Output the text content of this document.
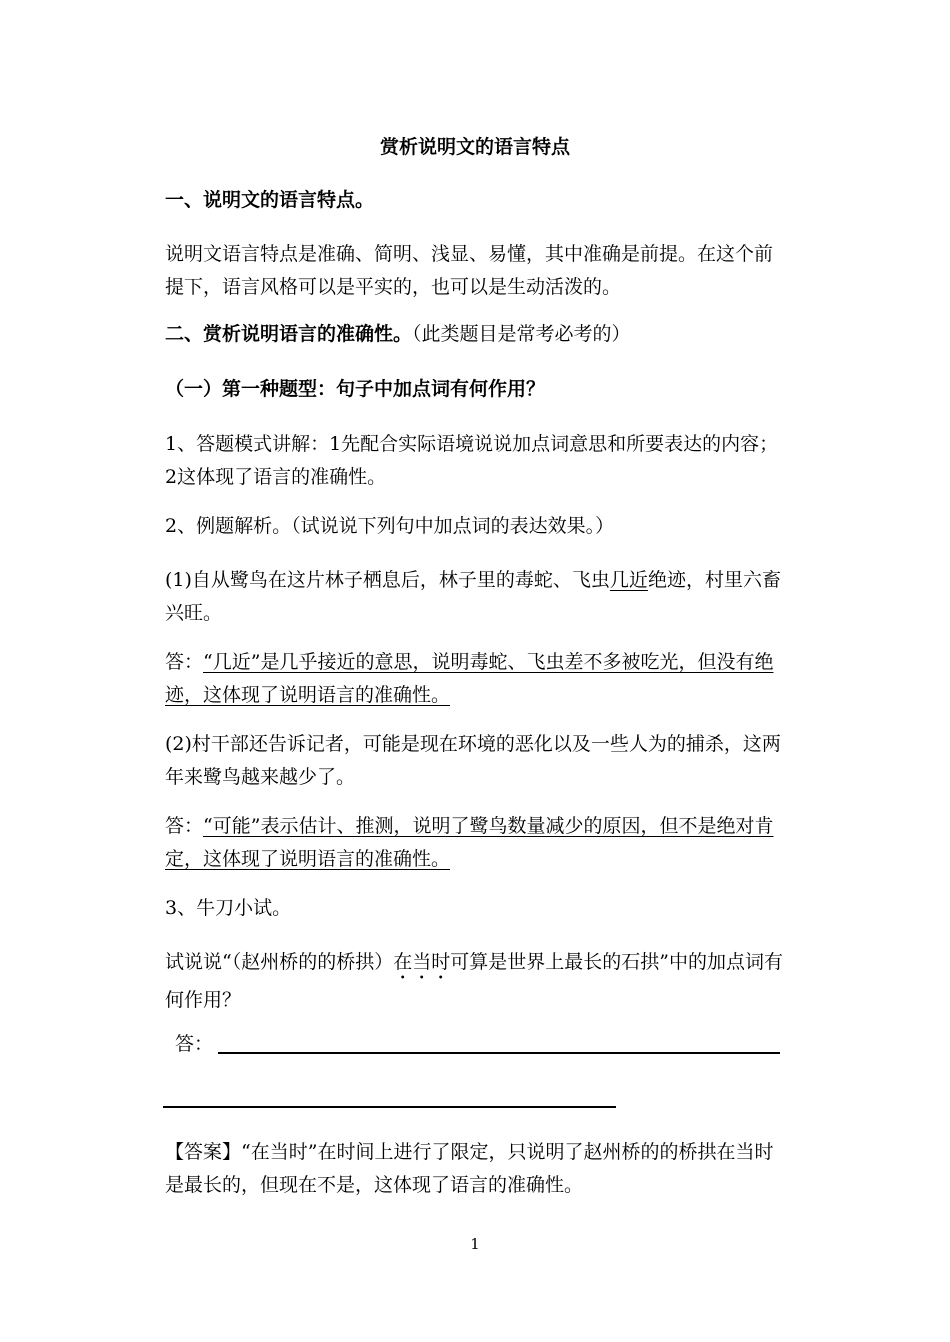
赏析说明文的语言特点
一、说明文的语言特点。
说明文语言特点是准确、简明、浅显、易懂，其中准确是前提。在这个前提下，语言风格可以是平实的，也可以是生动活泼的。
二、赏析说明语言的准确性。（此类题目是常考必考的）
（一）第一种题型：句子中加点词有何作用？
1、答题模式讲解：1先配合实际语境说说加点词意思和所要表达的内容；2这体现了语言的准确性。
2、例题解析。（试说说下列句中加点词的表达效果。）
(1)自从鹭鸟在这片林子栖息后，林子里的毒蛇、飞虫几近绝迹，村里六畜兴旺。
答：“几近”是几乎接近的意思，说明毒蛇、飞虫差不多被吃光，但没有绝迹，这体现了说明语言的准确性。
(2)村干部还告诉记者，可能是现在环境的恶化以及一些人为的捕杀，这两年来鹭鸟越来越少了。
答：“可能”表示估计、推测，说明了鹭鸟数量减少的原因，但不是绝对肯定，这体现了说明语言的准确性。
3、牛刀小试。
试说说“（赵州桥的的桥拱）在当时可算是世界上最长的石拱”中的加点词有何作用？
答：
【答案】“在当时”在时间上进行了限定，只说明了赵州桥的的桥拱在当时是最长的，但现在不是，这体现了语言的准确性。
1
